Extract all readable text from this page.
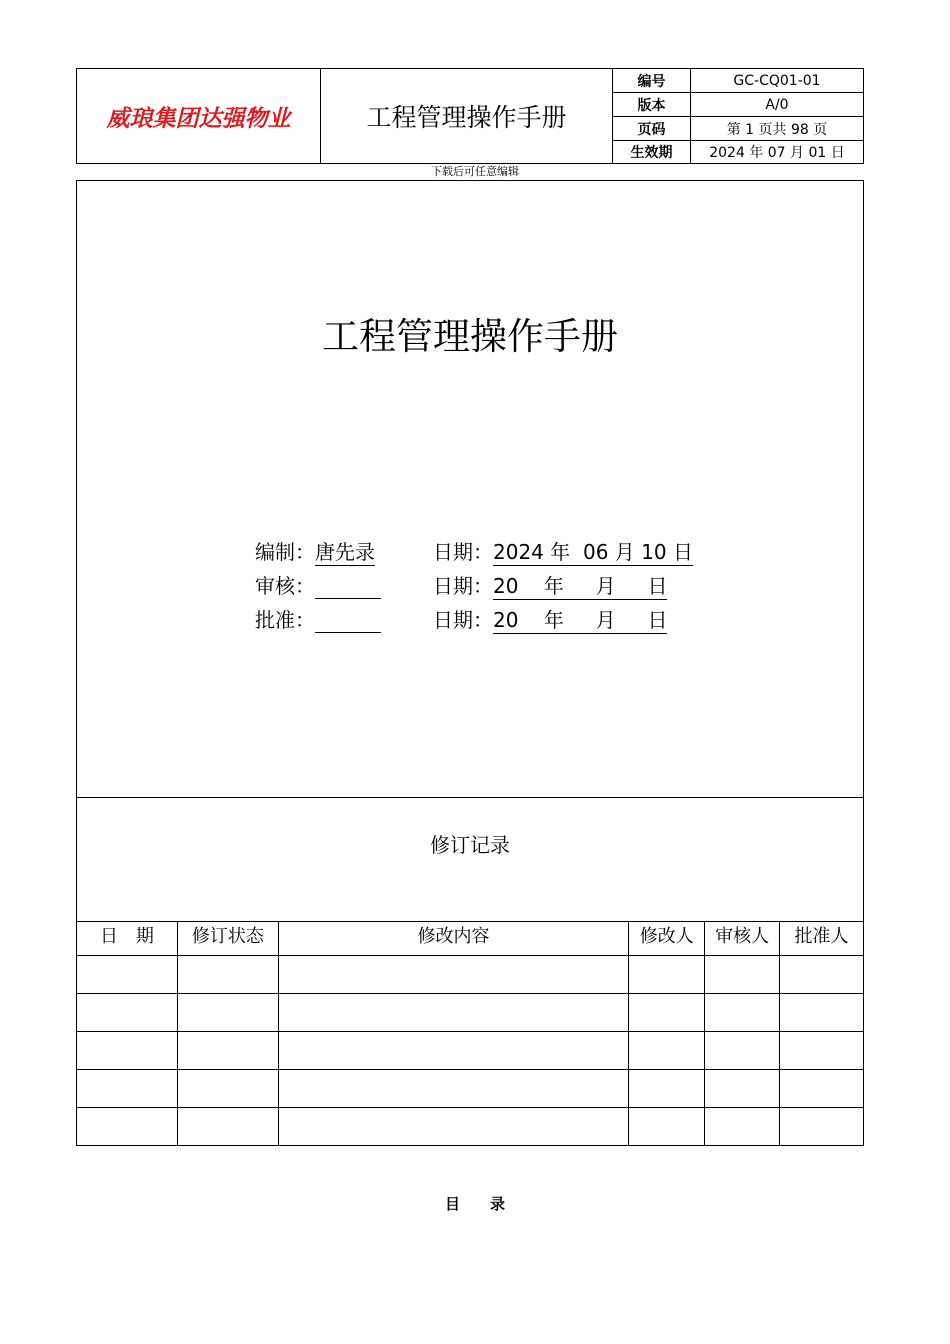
威琅集团达强物业	工程管理操作手册
编号	GC-CQ01-01
版本	A/0
页码	第 1 页共 98 页
生效期	2024 年 07 月 01 日
下载后可任意编辑
工程管理操作手册
编制：唐先录	日期：2024 年  06 月 10 日
审核：	日期：20    年     月     日
批准：	日期：20    年     月     日
修订记录
日　期	修订状态	修改内容	修改人	审核人	批准人

目　　录
